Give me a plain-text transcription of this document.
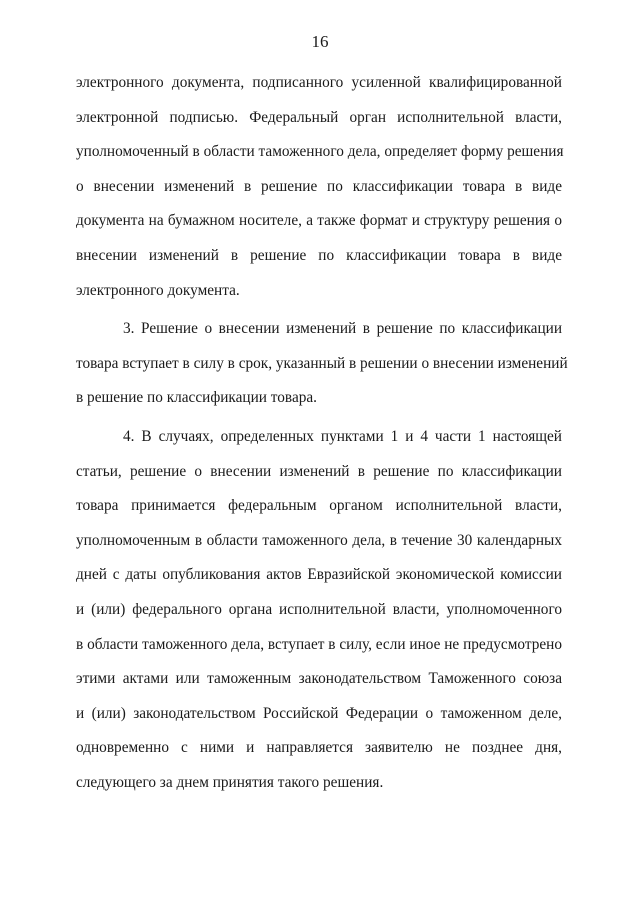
16
электронного документа, подписанного усиленной квалифицированной
электронной подписью. Федеральный орган исполнительной власти,
уполномоченный в области таможенного дела, определяет форму решения
о внесении изменений в решение по классификации товара в виде
документа на бумажном носителе, а также формат и структуру решения о
внесении изменений в решение по классификации товара в виде
электронного документа.
3. Решение о внесении изменений в решение по классификации
товара вступает в силу в срок, указанный в решении о внесении изменений
в решение по классификации товара.
4. В случаях, определенных пунктами 1 и 4 части 1 настоящей
статьи, решение о внесении изменений в решение по классификации
товара принимается федеральным органом исполнительной власти,
уполномоченным в области таможенного дела, в течение 30 календарных
дней с даты опубликования актов Евразийской экономической комиссии
и (или) федерального органа исполнительной власти, уполномоченного
в области таможенного дела, вступает в силу, если иное не предусмотрено
этими актами или таможенным законодательством Таможенного союза
и (или) законодательством Российской Федерации о таможенном деле,
одновременно с ними и направляется заявителю не позднее дня,
следующего за днем принятия такого решения.
